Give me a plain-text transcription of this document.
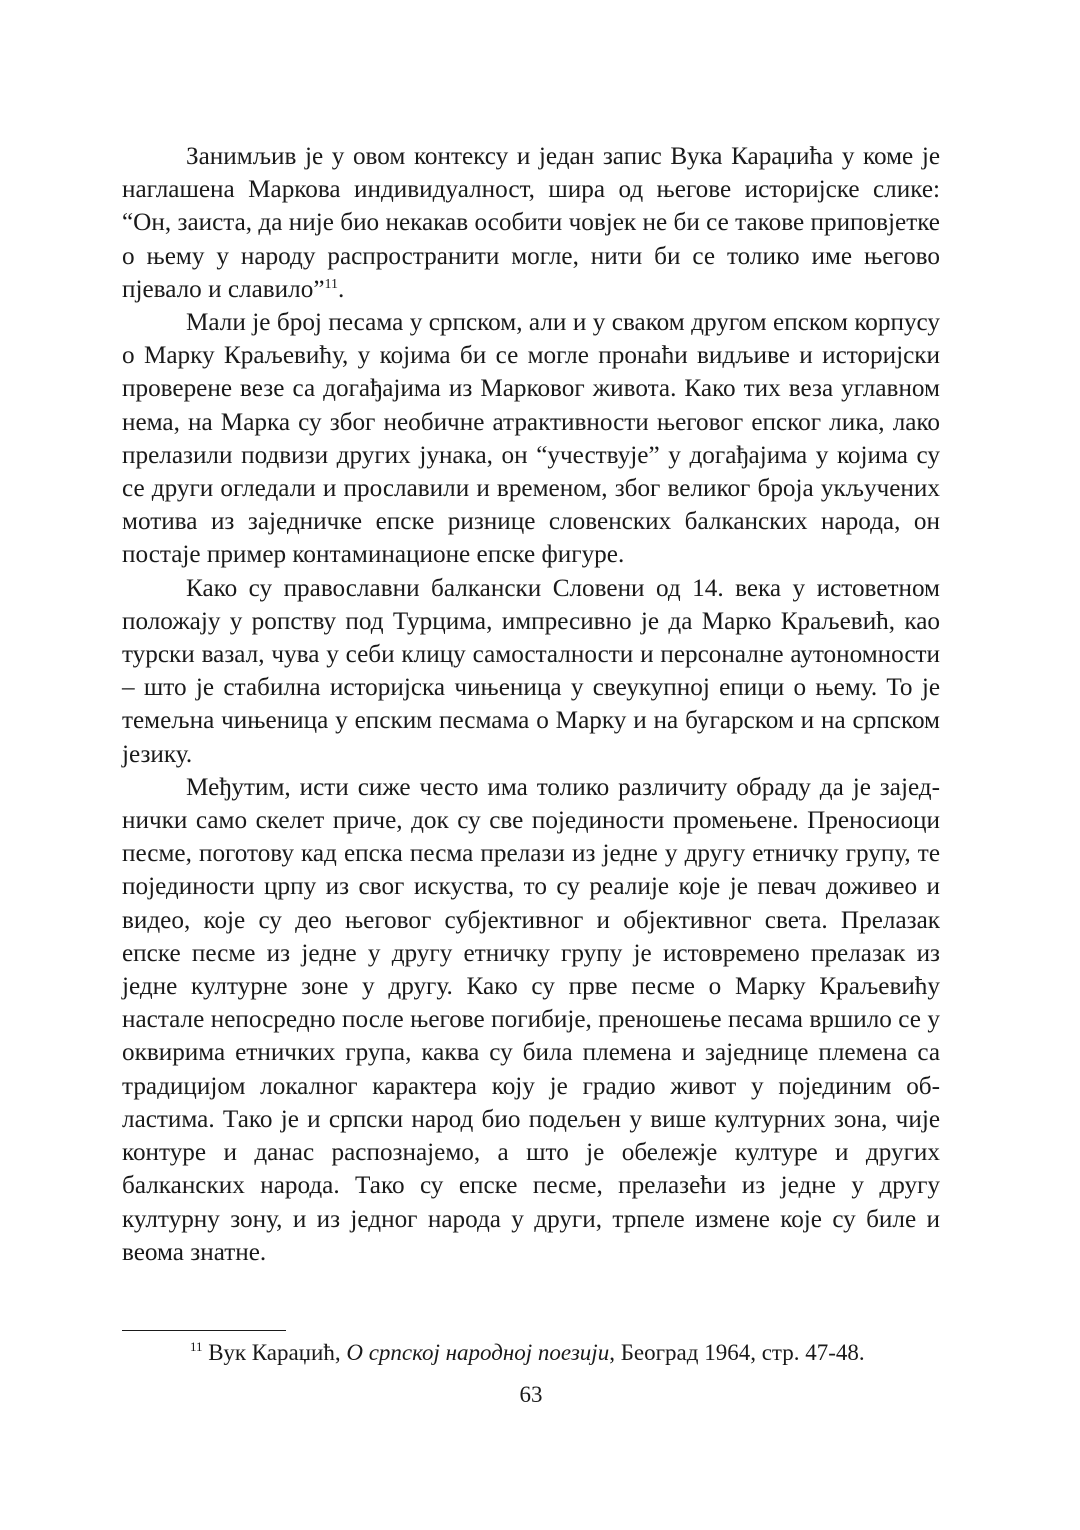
Занимљив је у овом контексу и један запис Вука Караџића у коме је наглашена Маркова индивидуалност, шира од његове историјске слике: “Он, заиста, да није био некакав особити човјек не би се такове приповјетке о њему у народу распространити могле, нити би се толико име његово пјевало и славило”$^{11}$.

Мали је број песама у српском, али и у сваком другом епском корпусу о Марку Краљевићу, у којима би се могле пронаћи видљиве и историјски проверене везе са догађајима из Марковог живота. Како тих веза углавном нема, на Марка су због необичне атрактивности његовог епског лика, лако прелазили подвизи других јунака, он “учествује” у догађајима у којима су се други огледали и прославили и временом, због великог броја укључених мотива из заједничке епске ризнице словенских балканских народа, он постаје пример контаминационе епске фигуре.

Како су православни балкански Словени од 14. века у истоветном положају у ропству под Турцима, импресивно је да Марко Краљевић, као турски вазал, чува у себи клицу самосталности и персоналне аутономности – што је стабилна историјска чињеница у свеукупној епици о њему. То је темељна чињеница у епским песмама о Марку и на бугарском и на српском језику.

Међутим, исти сиже често има толико различиту обраду да је заједнички само скелет приче, док су све појединости промењене. Преносиоци песме, поготову кад епска песма прелази из једне у другу етничку групу, те појединости црпу из свог искуства, то су реалије које је певач доживео и видео, које су део његовог субјективног и објективног света. Прелазак епске песме из једне у другу етничку групу је истовремено прелазак из једне културне зоне у другу. Како су прве песме о Марку Краљевићу настале непосредно после његове погибије, преношење песама вршило се у оквирима етничких група, каква су била племена и заједнице племена са традицијом локалног карактера коју је градио живот у појединим областима. Тако је и српски народ био подељен у више културних зона, чије контуре и данас распознајемо, а што је обележје културе и других балканских народа. Тако су епске песме, прелазећи из једне у другу културну зону, и из једног народа у други, трпеле измене које су биле и веома знатне.

$^{11}$ Вук Караџић, О српској народној поезији, Београд 1964, стр. 47-48.
63
